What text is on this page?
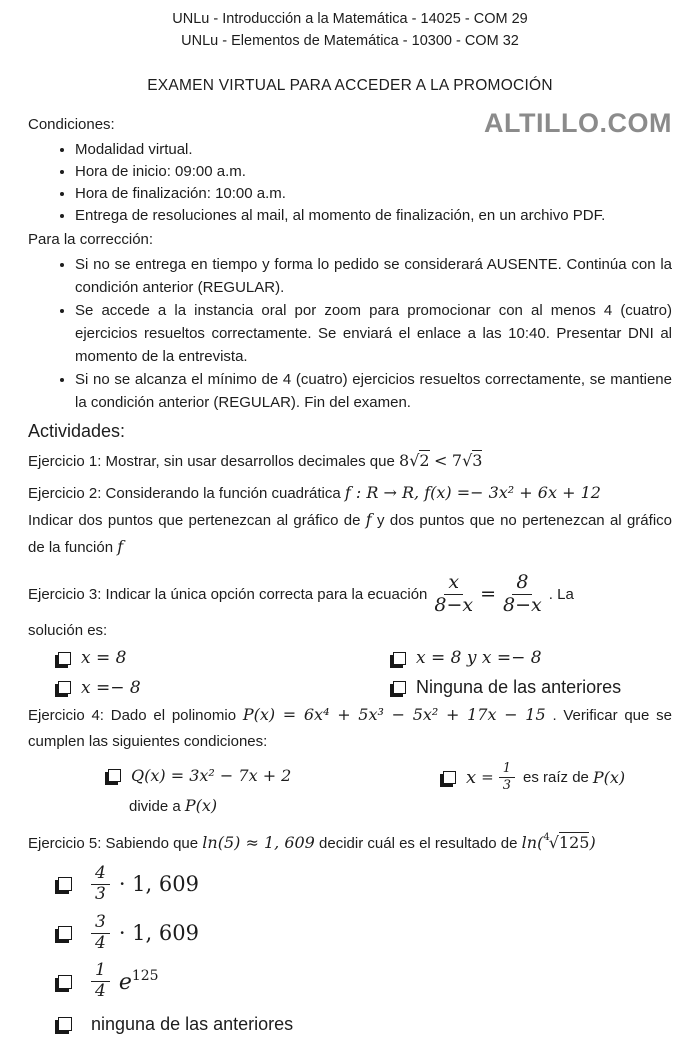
UNLu - Introducción a la Matemática - 14025 - COM 29
UNLu - Elementos de Matemática - 10300 - COM 32
EXAMEN VIRTUAL PARA ACCEDER A LA PROMOCIÓN
Condiciones:	ALTILLO.COM
• Modalidad virtual.
• Hora de inicio: 09:00 a.m.
• Hora de finalización: 10:00 a.m.
• Entrega de resoluciones al mail, al momento de finalización, en un archivo PDF.
Para la corrección:
• Si no se entrega en tiempo y forma lo pedido se considerará AUSENTE. Continúa con la condición anterior (REGULAR).
• Se accede a la instancia oral por zoom para promocionar con al menos 4 (cuatro) ejercicios resueltos correctamente. Se enviará el enlace a las 10:40. Presentar DNI al momento de la entrevista.
• Si no se alcanza el mínimo de 4 (cuatro) ejercicios resueltos correctamente, se mantiene la condición anterior (REGULAR). Fin del examen.
Actividades:
Ejercicio 1: Mostrar, sin usar desarrollos decimales que 8√2 < 7√3
Ejercicio 2: Considerando la función cuadrática f : R → R, f(x) =− 3x² + 6x + 12
Indicar dos puntos que pertenezcan al gráfico de f y dos puntos que no pertenezcan al gráfico de la función f
Ejercicio 3: Indicar la única opción correcta para la ecuación $\frac{x}{8-x} = \frac{8}{8-x}$ . La
solución es:
x = 8	x = 8 y x =− 8
x =− 8	Ninguna de las anteriores
Ejercicio 4: Dado el polinomio P(x) = 6x⁴ + 5x³ − 5x² + 17x − 15 . Verificar que se cumplen las siguientes condiciones:
Q(x) = 3x² − 7x + 2
divide a P(x)
$x = \frac{1}{3}$ es raíz de P(x)
Ejercicio 5: Sabiendo que ln(5) ≈ 1, 609 decidir cuál es el resultado de ln($^4$√125)
$\frac{4}{3} \cdot 1$, 609
$\frac{3}{4} \cdot 1$, 609
$\frac{1}{4} e^{125}$
ninguna de las anteriores
